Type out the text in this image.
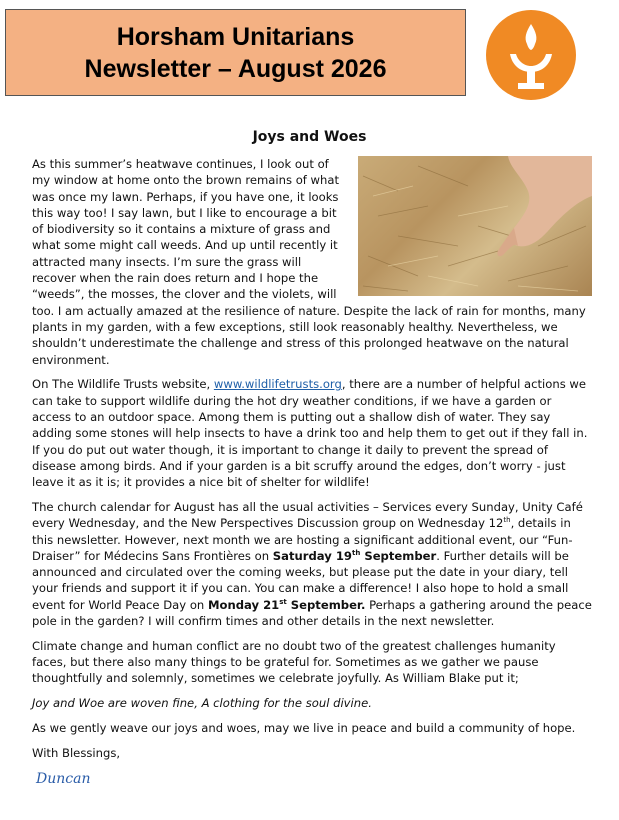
Horsham Unitarians
Newsletter – August 2026
Joys and Woes

As this summer’s heatwave continues, I look out of my window at home onto the brown remains of what was once my lawn. Perhaps, if you have one, it looks this way too! I say lawn, but I like to encourage a bit of biodiversity so it contains a mixture of grass and what some might call weeds. And up until recently it attracted many insects. I’m sure the grass will recover when the rain does return and I hope the “weeds”, the mosses, the clover and the violets, will too. I am actually amazed at the resilience of nature. Despite the lack of rain for months, many plants in my garden, with a few exceptions, still look reasonably healthy. Nevertheless, we shouldn’t underestimate the challenge and stress of this prolonged heatwave on the natural environment.

On The Wildlife Trusts website, www.wildlifetrusts.org, there are a number of helpful actions we can take to support wildlife during the hot dry weather conditions, if we have a garden or access to an outdoor space. Among them is putting out a shallow dish of water. They say adding some stones will help insects to have a drink too and help them to get out if they fall in. If you do put out water though, it is important to change it daily to prevent the spread of disease among birds. And if your garden is a bit scruffy around the edges, don’t worry - just leave it as it is; it provides a nice bit of shelter for wildlife!

The church calendar for August has all the usual activities – Services every Sunday, Unity Café every Wednesday, and the New Perspectives Discussion group on Wednesday 12th, details in this newsletter. However, next month we are hosting a significant additional event, our “Fun-Draiser” for Médecins Sans Frontières on Saturday 19th September. Further details will be announced and circulated over the coming weeks, but please put the date in your diary, tell your friends and support it if you can. You can make a difference! I also hope to hold a small event for World Peace Day on Monday 21st September. Perhaps a gathering around the peace pole in the garden? I will confirm times and other details in the next newsletter.

Climate change and human conflict are no doubt two of the greatest challenges humanity faces, but there also many things to be grateful for. Sometimes as we gather we pause thoughtfully and solemnly, sometimes we celebrate joyfully. As William Blake put it;

Joy and Woe are woven fine, A clothing for the soul divine.

As we gently weave our joys and woes, may we live in peace and build a community of hope.

With Blessings,

Duncan
